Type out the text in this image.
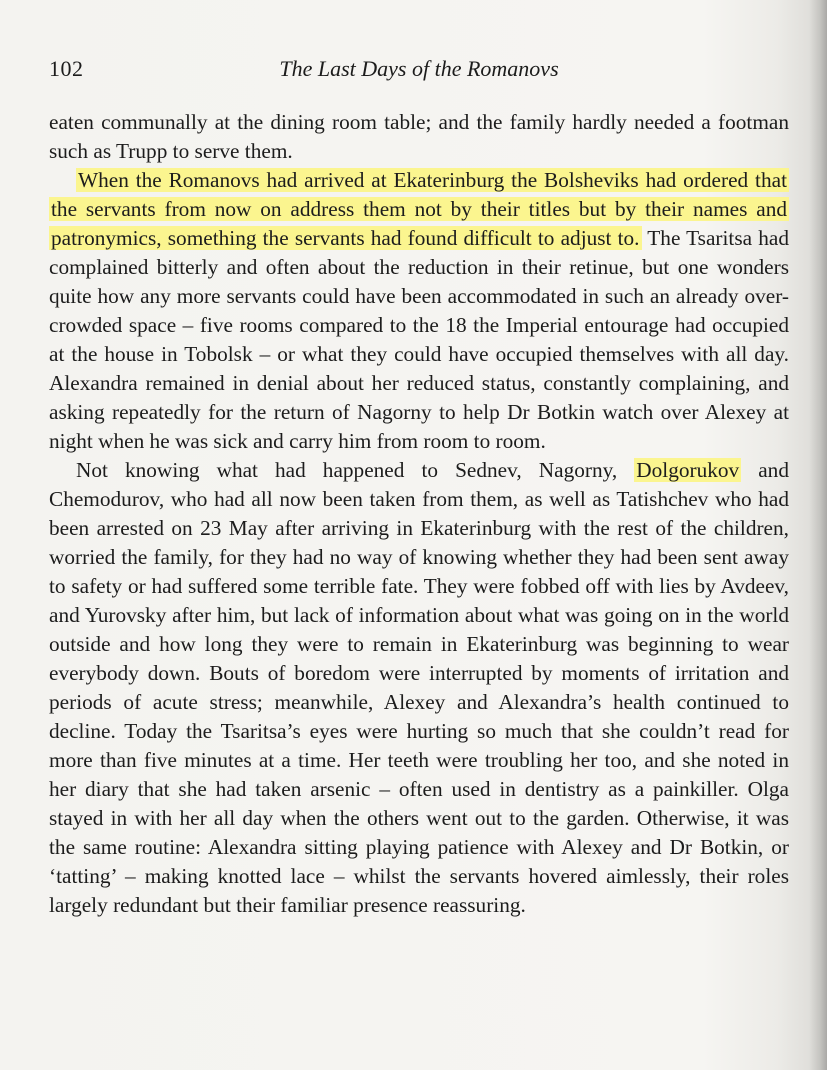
102	The Last Days of the Romanovs

eaten communally at the dining room table; and the family hardly needed a footman such as Trupp to serve them.

When the Romanovs had arrived at Ekaterinburg the Bolsheviks had ordered that the servants from now on address them not by their titles but by their names and patronymics, something the servants had found difficult to adjust to. The Tsaritsa had complained bitterly and often about the reduction in their retinue, but one wonders quite how any more servants could have been accommodated in such an already over-crowded space – five rooms compared to the 18 the Imperial entourage had occupied at the house in Tobolsk – or what they could have occupied themselves with all day. Alexandra remained in denial about her reduced status, constantly complaining, and asking repeatedly for the return of Nagorny to help Dr Botkin watch over Alexey at night when he was sick and carry him from room to room.

Not knowing what had happened to Sednev, Nagorny, Dolgorukov and Chemodurov, who had all now been taken from them, as well as Tatishchev who had been arrested on 23 May after arriving in Ekaterinburg with the rest of the children, worried the family, for they had no way of knowing whether they had been sent away to safety or had suffered some terrible fate. They were fobbed off with lies by Avdeev, and Yurovsky after him, but lack of information about what was going on in the world outside and how long they were to remain in Ekaterinburg was beginning to wear everybody down. Bouts of boredom were interrupted by moments of irritation and periods of acute stress; meanwhile, Alexey and Alexandra’s health continued to decline. Today the Tsaritsa’s eyes were hurting so much that she couldn’t read for more than five minutes at a time. Her teeth were troubling her too, and she noted in her diary that she had taken arsenic – often used in dentistry as a painkiller. Olga stayed in with her all day when the others went out to the garden. Otherwise, it was the same routine: Alexandra sitting playing patience with Alexey and Dr Botkin, or ‘tatting’ – making knotted lace – whilst the servants hovered aimlessly, their roles largely redundant but their familiar presence reassuring.
